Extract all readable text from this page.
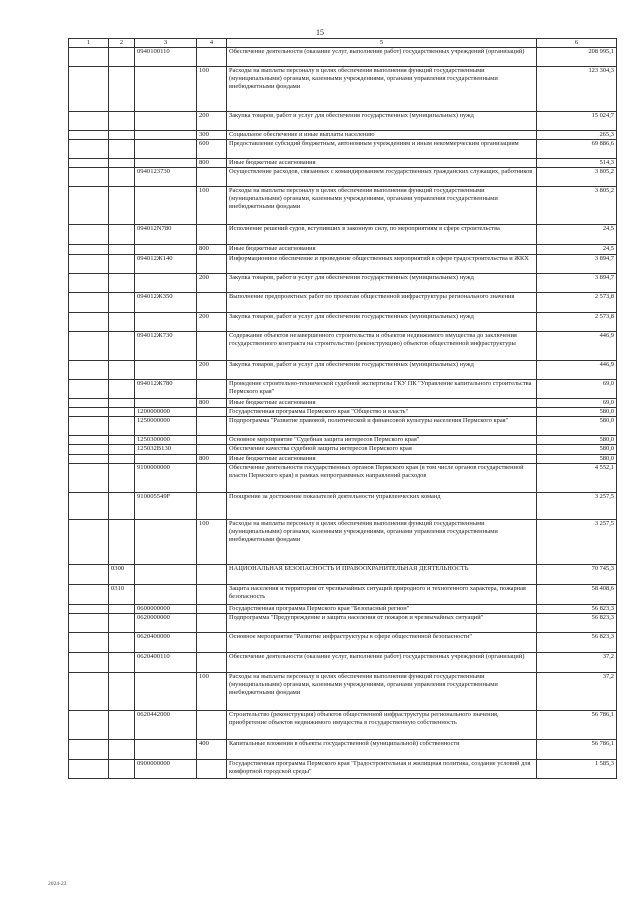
15
1	2	3	4	5	6
		0940100110		Обеспечение деятельности (оказание услуг, выполнение работ) государственных учреждений (организаций)	208 995,1
			100	Расходы на выплаты персоналу в целях обеспечения выполнения функций государственными (муниципальными) органами, казенными учреждениями, органами управления государственными внебюджетными фондами	123 304,3
			200	Закупка товаров, работ и услуг для обеспечения государственных (муниципальных) нужд	15 024,7
			300	Социальное обеспечение и иные выплаты населению	265,3
			600	Предоставление субсидий бюджетным, автономным учреждениям и иным некоммерческим организациям	69 886,6
			800	Иные бюджетные ассигнования	514,3
		0940123730		Осуществление расходов, связанных с командированием государственных гражданских служащих, работников	3 805,2
			100	Расходы на выплаты персоналу в целях обеспечения выполнения функций государственными (муниципальными) органами, казенными учреждениями, органами управления государственными внебюджетными фондами	3 805,2
		094012N780		Исполнение решений судов, вступивших в законную силу, по мероприятиям в сфере строительства	24,5
			800	Иные бюджетные ассигнования	24,5
		094012Ж140		Информационное обеспечение и проведение общественных мероприятий в сфере градостроительства и ЖКХ	3 894,7
			200	Закупка товаров, работ и услуг для обеспечения государственных (муниципальных) нужд	3 894,7
		094012Ж350		Выполнение предпроектных работ по проектам общественной инфраструктуры регионального значения	2 573,8
			200	Закупка товаров, работ и услуг для обеспечения государственных (муниципальных) нужд	2 573,8
		094012Ж730		Содержание объектов незавершенного строительства и объектов недвижимого имущества до заключения государственного контракта на строительство (реконструкцию) объектов общественной инфраструктуры	446,9
			200	Закупка товаров, работ и услуг для обеспечения государственных (муниципальных) нужд	446,9
		094012Ж780		Проведение строительно-технической судебной экспертизы ГКУ ПК "Управление капитального строительства Пермского края"	69,0
			800	Иные бюджетные ассигнования	69,0
		1200000000		Государственная программа Пермского края "Общество и власть"	580,0
		1250000000		Подпрограмма "Развитие правовой, политической и финансовой культуры населения Пермского края"	580,0
		1250300000		Основное мероприятие "Судебная защита интересов Пермского края"	580,0
		125032В130		Обеспечение качества судебной защиты интересов Пермского края	580,0
			800	Иные бюджетные ассигнования	580,0
		9100000000		Обеспечение деятельности государственных органов Пермского края (в том числе органов государственной власти Пермского края) в рамках непрограммных направлений расходов	4 552,1
		910005549F		Поощрение за достижение показателей деятельности управленческих команд	3 257,5
			100	Расходы на выплаты персоналу в целях обеспечения выполнения функций государственными (муниципальными) органами, казенными учреждениями, органами управления государственными внебюджетными фондами	3 257,5
	0300			НАЦИОНАЛЬНАЯ БЕЗОПАСНОСТЬ И ПРАВООХРАНИТЕЛЬНАЯ ДЕЯТЕЛЬНОСТЬ	70 745,3
	0310			Защита населения и территории от чрезвычайных ситуаций природного и техногенного характера, пожарная безопасность	58 408,6
		0600000000		Государственная программа Пермского края "Безопасный регион"	56 823,3
		0620000000		Подпрограмма "Предупреждение и защита населения от пожаров и чрезвычайных ситуаций"	56 823,3
		0620400000		Основное мероприятие "Развитие инфраструктуры в сфере общественной безопасности"	56 823,3
		0620400110		Обеспечение деятельности (оказание услуг, выполнение работ) государственных учреждений (организаций)	37,2
			100	Расходы на выплаты персоналу в целях обеспечения выполнения функций государственными (муниципальными) органами, казенными учреждениями, органами управления государственными внебюджетными фондами	37,2
		0620442000		Строительство (реконструкция) объектов общественной инфраструктуры регионального значения, приобретение объектов недвижимого имущества в государственную собственность	56 786,1
			400	Капитальные вложения в объекты государственной (муниципальной) собственности	56 786,1
		0900000000		Государственная программа Пермского края "Градостроительная и жилищная политика, создание условий для комфортной городской среды"	1 585,3
2024-23
